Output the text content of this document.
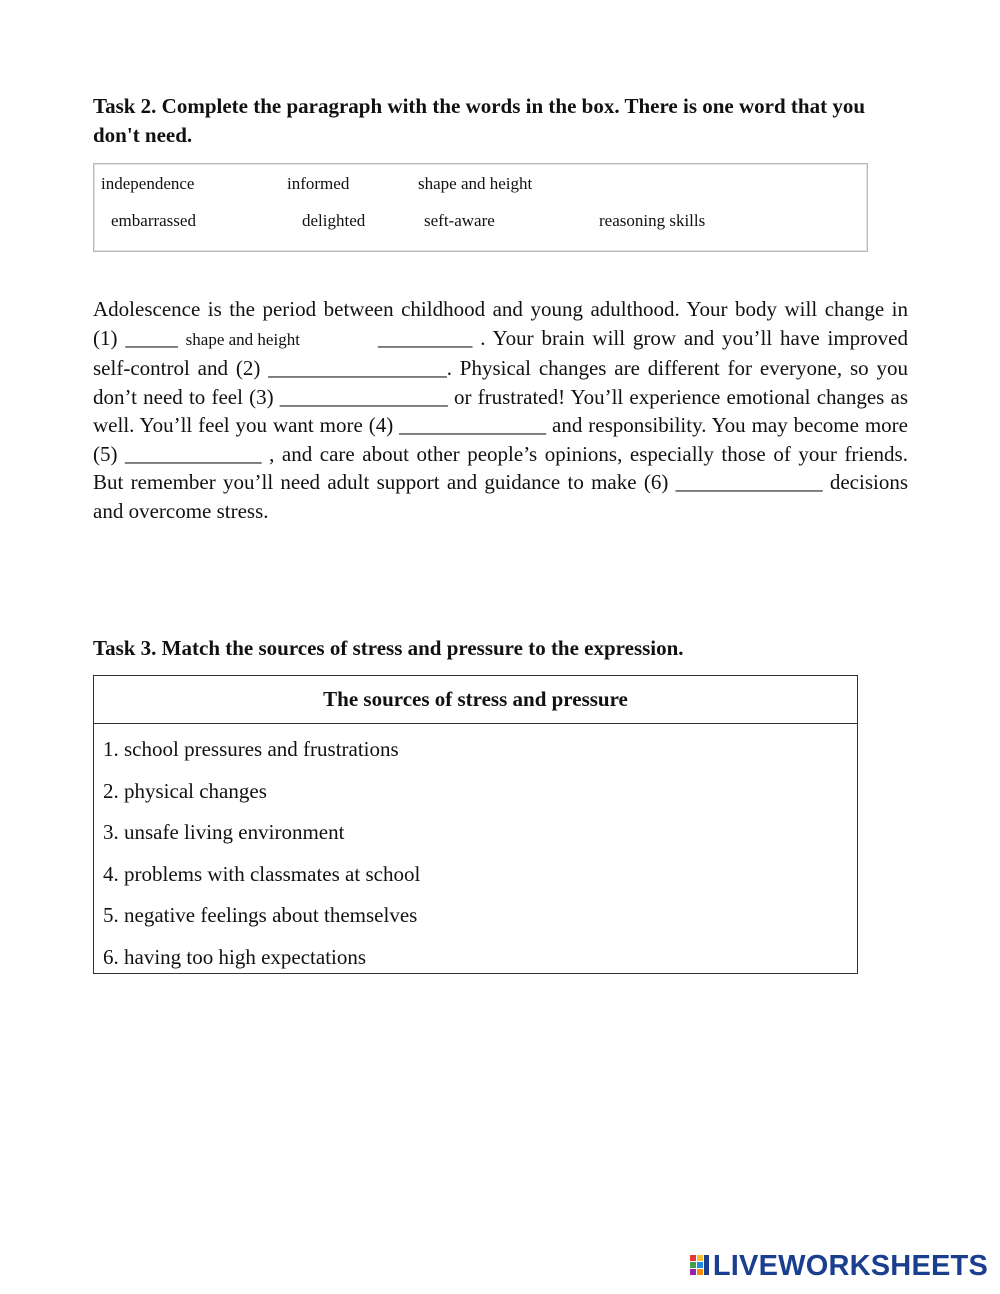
Task 2. Complete the paragraph with the words in the box. There is one word that you don't need.
independence	informed	shape and height
embarrassed	delighted	seft-aware	reasoning skills

Adolescence is the period between childhood and young adulthood. Your body will change in (1) _____ shape and height	_________ . Your brain will grow and you’ll have improved self-control and (2) _________________. Physical changes are different for everyone, so you don’t need to feel (3) ________________ or frustrated! You’ll experience emotional changes as well. You’ll feel you want more (4) ______________ and responsibility. You may become more (5) _____________ , and care about other people’s opinions, especially those of your friends. But remember you’ll need adult support and guidance to make (6) ______________ decisions and overcome stress.

Task 3. Match the sources of stress and pressure to the expression.
The sources of stress and pressure
1. school pressures and frustrations
2. physical changes
3. unsafe living environment
4. problems with classmates at school
5. negative feelings about themselves
6. having too high expectations
LIVEWORKSHEETS
